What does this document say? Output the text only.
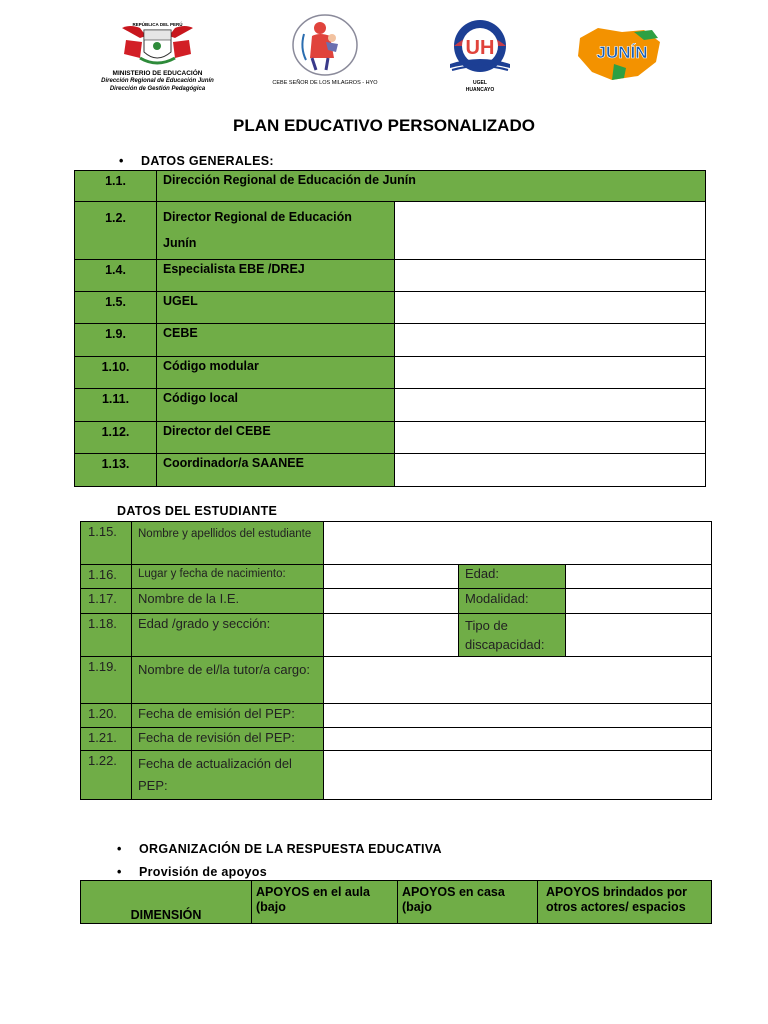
REPÚBLICA DEL PERÚ
MINISTERIO DE EDUCACIÓN
Dirección Regional de Educación Junín
Dirección de Gestión Pedagógica
CEBE SEÑOR DE LOS MILAGROS - HYO
UH
UGEL
HUANCAYO
JUNÍN
PLAN EDUCATIVO PERSONALIZADO
• DATOS GENERALES:
1.1.	Dirección Regional de Educación de Junín	
1.2.	Director Regional de Educación Junín	
1.4.	Especialista EBE /DREJ	
1.5.	UGEL	
1.9.	CEBE	
1.10.	Código modular	
1.11.	Código local	
1.12.	Director del CEBE	
1.13.	Coordinador/a SAANEE	
DATOS DEL ESTUDIANTE
1.15.	Nombre y apellidos del estudiante			
1.16.	Lugar y fecha de nacimiento:		Edad:	
1.17.	Nombre de la I.E.		Modalidad:	
1.18.	Edad /grado y sección:		Tipo de discapacidad:	
1.19.	Nombre de el/la tutor/a cargo:			
1.20.	Fecha de emisión del PEP:			
1.21.	Fecha de revisión del PEP:			
1.22.	Fecha de actualización del PEP:			
• ORGANIZACIÓN DE LA RESPUESTA EDUCATIVA
• Provisión de apoyos
DIMENSIÓN	APOYOS en el aula (bajo	APOYOS en casa (bajo	APOYOS brindados por otros actores/ espacios
